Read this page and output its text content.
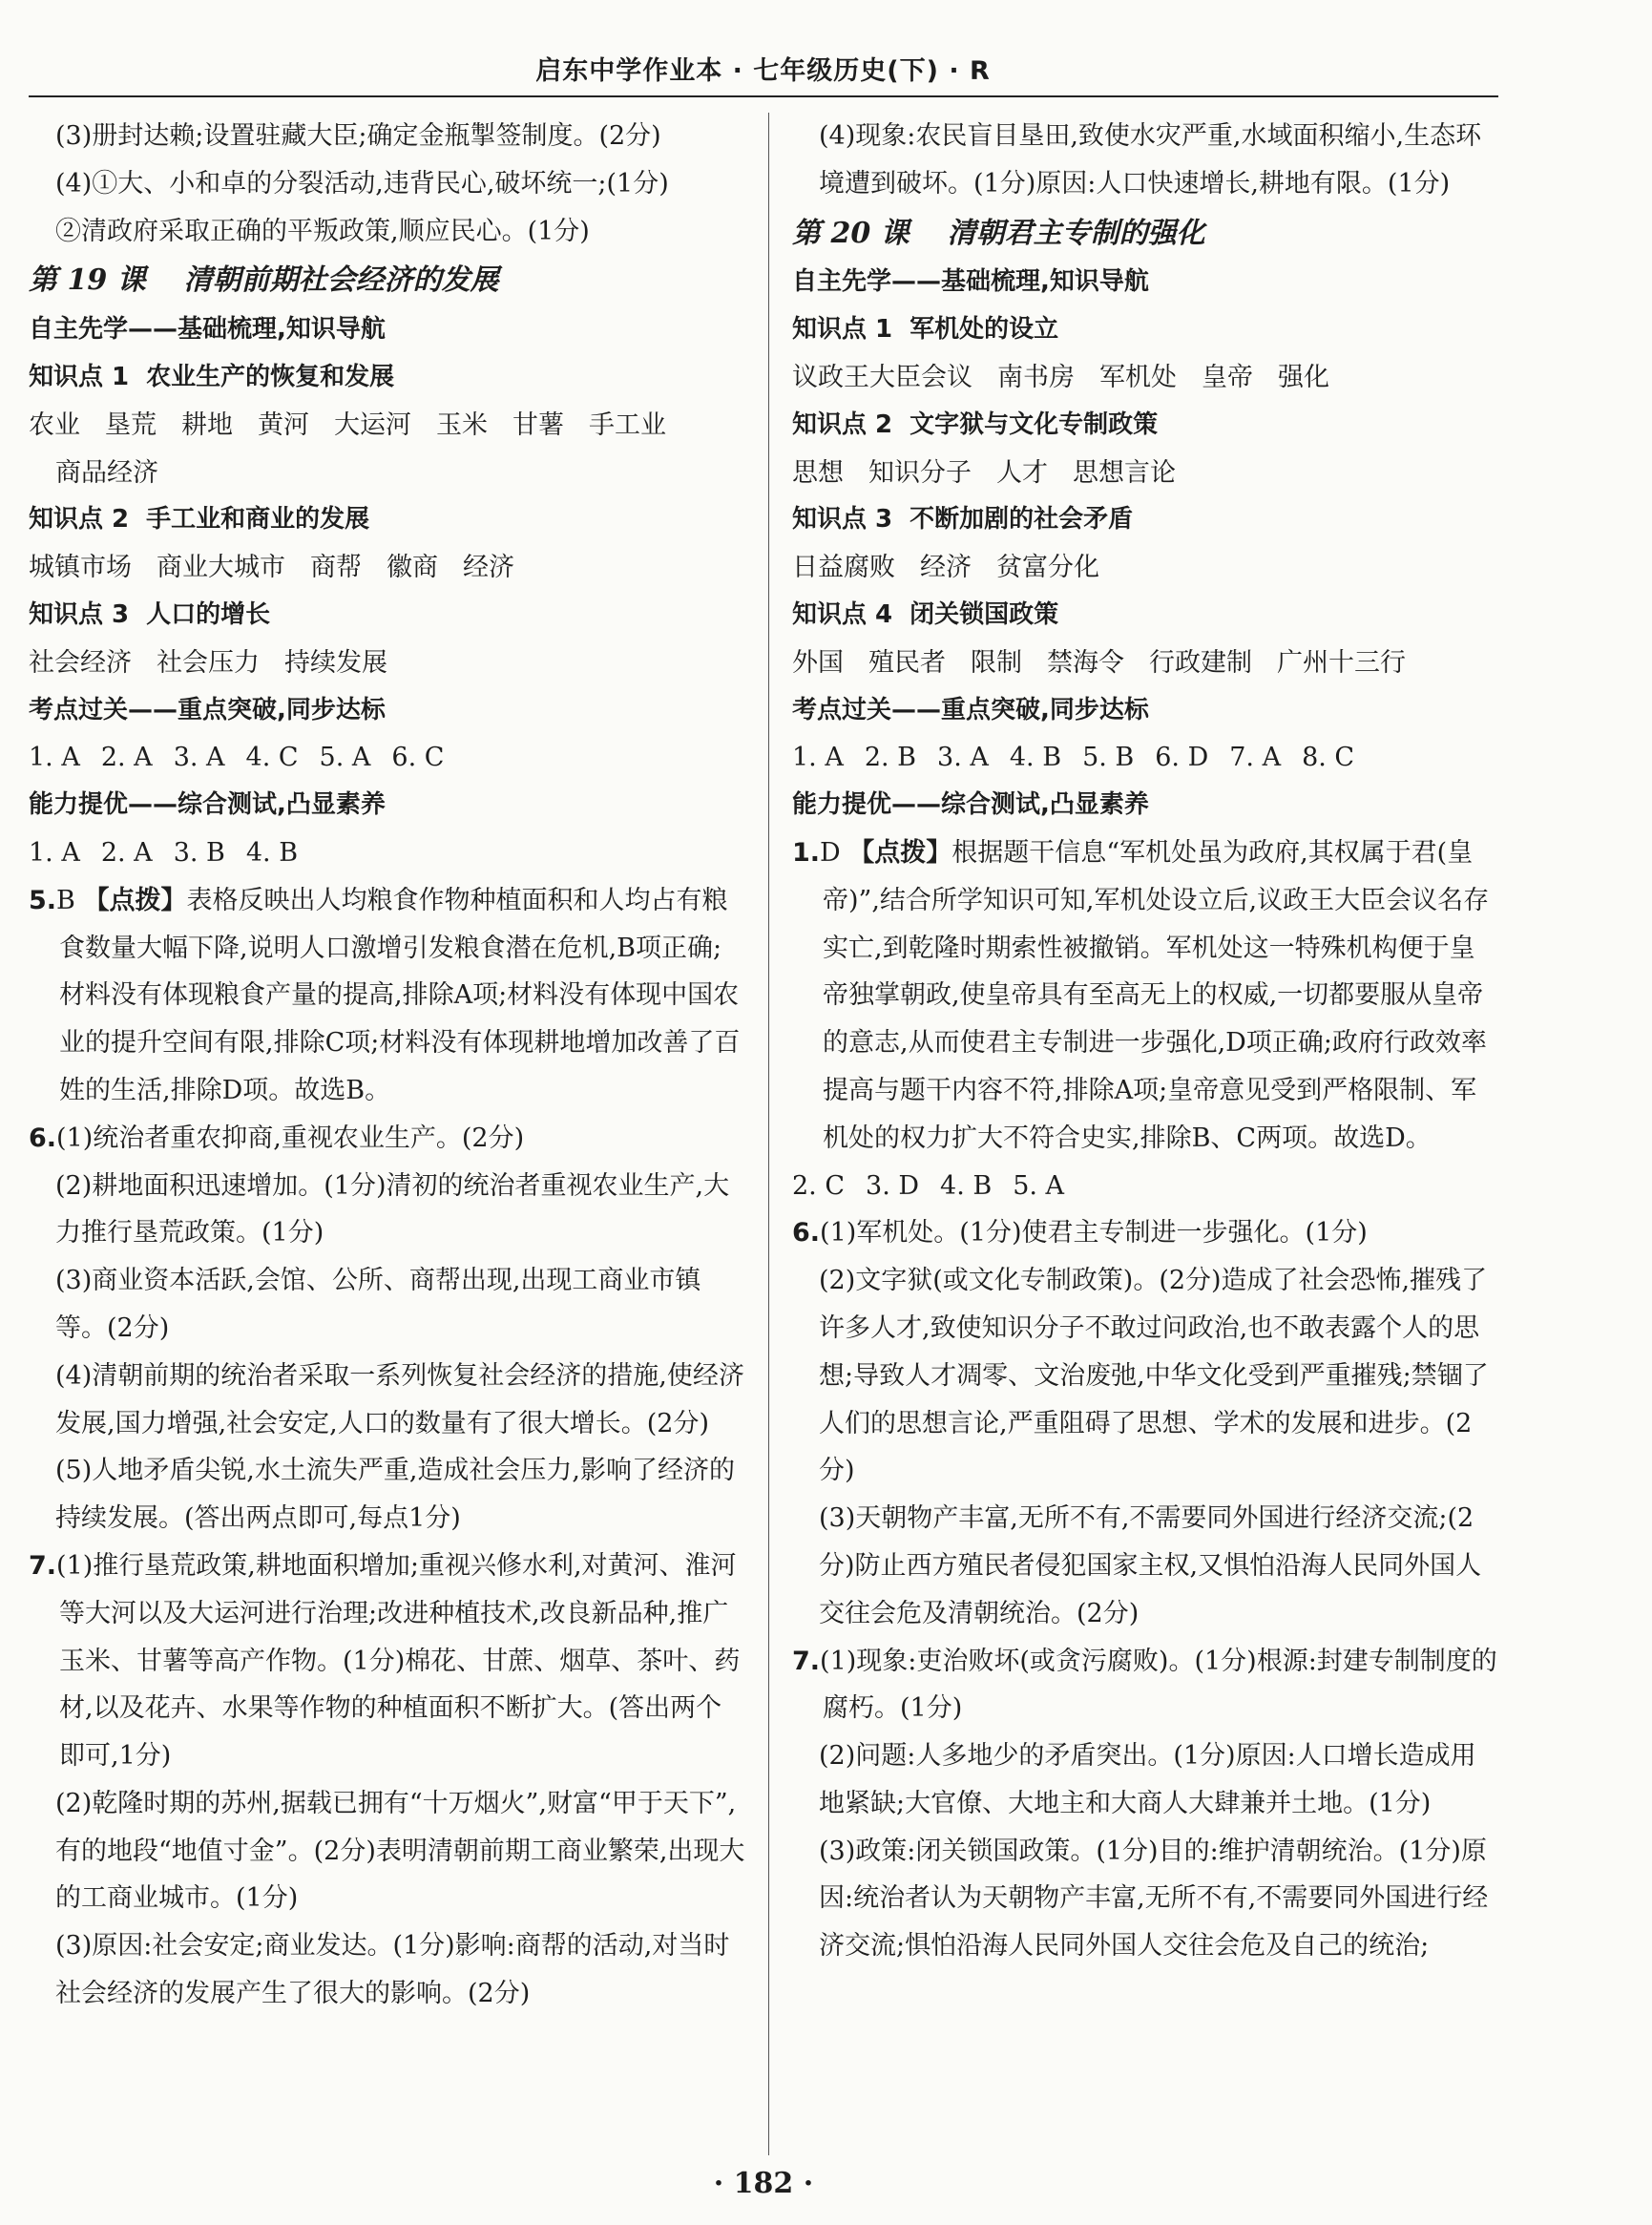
启东中学作业本 · 七年级历史(下) · R

(3)册封达赖;设置驻藏大臣;确定金瓶掣签制度。(2分)

(4)①大、小和卓的分裂活动,违背民心,破坏统一;(1分)

②清政府采取正确的平叛政策,顺应民心。(1分)

第 19 课 清朝前期社会经济的发展

自主先学——基础梳理,知识导航

知识点 1 农业生产的恢复和发展

农业 垦荒 耕地 黄河 大运河 玉米 甘薯 手工业

商品经济

知识点 2 手工业和商业的发展

城镇市场 商业大城市 商帮 徽商 经济

知识点 3 人口的增长

社会经济 社会压力 持续发展

考点过关——重点突破,同步达标

1. A 2. A 3. A 4. C 5. A 6. C

能力提优——综合测试,凸显素养

1. A 2. A 3. B 4. B

5.B 【点拨】表格反映出人均粮食作物种植面积和人均占有粮食数量大幅下降,说明人口激增引发粮食潜在危机,B项正确;材料没有体现粮食产量的提高,排除A项;材料没有体现中国农业的提升空间有限,排除C项;材料没有体现耕地增加改善了百姓的生活,排除D项。故选B。

6.(1)统治者重农抑商,重视农业生产。(2分)

(2)耕地面积迅速增加。(1分)清初的统治者重视农业生产,大力推行垦荒政策。(1分)

(3)商业资本活跃,会馆、公所、商帮出现,出现工商业市镇等。(2分)

(4)清朝前期的统治者采取一系列恢复社会经济的措施,使经济发展,国力增强,社会安定,人口的数量有了很大增长。(2分)

(5)人地矛盾尖锐,水土流失严重,造成社会压力,影响了经济的持续发展。(答出两点即可,每点1分)

7.(1)推行垦荒政策,耕地面积增加;重视兴修水利,对黄河、淮河等大河以及大运河进行治理;改进种植技术,改良新品种,推广玉米、甘薯等高产作物。(1分)棉花、甘蔗、烟草、茶叶、药材,以及花卉、水果等作物的种植面积不断扩大。(答出两个即可,1分)

(2)乾隆时期的苏州,据载已拥有“十万烟火”,财富“甲于天下”,有的地段“地值寸金”。(2分)表明清朝前期工商业繁荣,出现大的工商业城市。(1分)

(3)原因:社会安定;商业发达。(1分)影响:商帮的活动,对当时社会经济的发展产生了很大的影响。(2分)

(4)现象:农民盲目垦田,致使水灾严重,水域面积缩小,生态环境遭到破坏。(1分)原因:人口快速增长,耕地有限。(1分)

第 20 课 清朝君主专制的强化

自主先学——基础梳理,知识导航

知识点 1 军机处的设立

议政王大臣会议 南书房 军机处 皇帝 强化

知识点 2 文字狱与文化专制政策

思想 知识分子 人才 思想言论

知识点 3 不断加剧的社会矛盾

日益腐败 经济 贫富分化

知识点 4 闭关锁国政策

外国 殖民者 限制 禁海令 行政建制 广州十三行

考点过关——重点突破,同步达标

1. A 2. B 3. A 4. B 5. B 6. D 7. A 8. C

能力提优——综合测试,凸显素养

1.D 【点拨】根据题干信息“军机处虽为政府,其权属于君(皇帝)”,结合所学知识可知,军机处设立后,议政王大臣会议名存实亡,到乾隆时期索性被撤销。军机处这一特殊机构便于皇帝独掌朝政,使皇帝具有至高无上的权威,一切都要服从皇帝的意志,从而使君主专制进一步强化,D项正确;政府行政效率提高与题干内容不符,排除A项;皇帝意见受到严格限制、军机处的权力扩大不符合史实,排除B、C两项。故选D。

2. C 3. D 4. B 5. A

6.(1)军机处。(1分)使君主专制进一步强化。(1分)

(2)文字狱(或文化专制政策)。(2分)造成了社会恐怖,摧残了许多人才,致使知识分子不敢过问政治,也不敢表露个人的思想;导致人才凋零、文治废弛,中华文化受到严重摧残;禁锢了人们的思想言论,严重阻碍了思想、学术的发展和进步。(2分)

(3)天朝物产丰富,无所不有,不需要同外国进行经济交流;(2分)防止西方殖民者侵犯国家主权,又惧怕沿海人民同外国人交往会危及清朝统治。(2分)

7.(1)现象:吏治败坏(或贪污腐败)。(1分)根源:封建专制制度的腐朽。(1分)

(2)问题:人多地少的矛盾突出。(1分)原因:人口增长造成用地紧缺;大官僚、大地主和大商人大肆兼并土地。(1分)

(3)政策:闭关锁国政策。(1分)目的:维护清朝统治。(1分)原因:统治者认为天朝物产丰富,无所不有,不需要同外国进行经济交流;惧怕沿海人民同外国人交往会危及自己的统治;

· 182 ·
